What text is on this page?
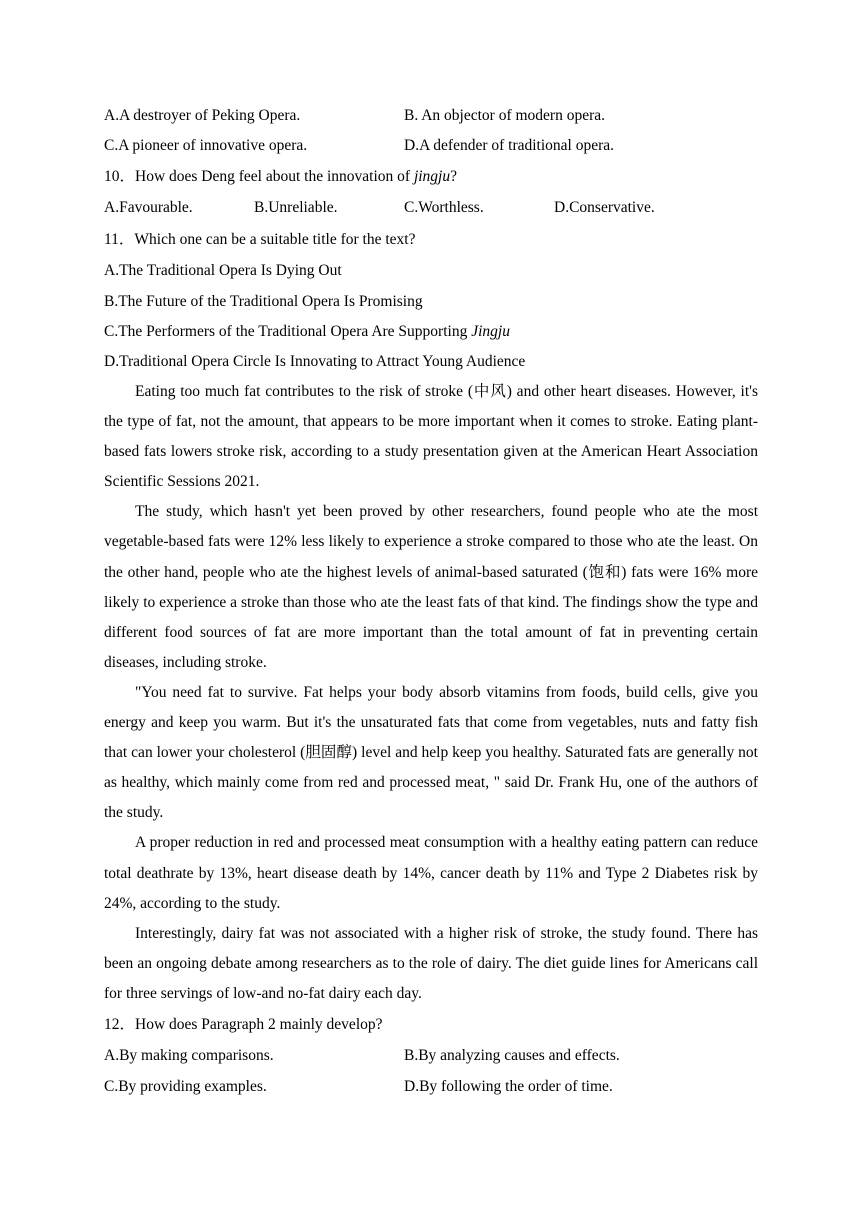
A.A destroyer of Peking Opera.	B. An objector of modern opera.
C.A pioneer of innovative opera.	D.A defender of traditional opera.
10．How does Deng feel about the innovation of jingju?
A.Favourable.	B.Unreliable.	C.Worthless.	D.Conservative.
11．Which one can be a suitable title for the text?
A.The Traditional Opera Is Dying Out
B.The Future of the Traditional Opera Is Promising
C.The Performers of the Traditional Opera Are Supporting Jingju
D.Traditional Opera Circle Is Innovating to Attract Young Audience

Eating too much fat contributes to the risk of stroke (中风) and other heart diseases. However, it's the type of fat, not the amount, that appears to be more important when it comes to stroke. Eating plant-based fats lowers stroke risk, according to a study presentation given at the American Heart Association Scientific Sessions 2021.

The study, which hasn't yet been proved by other researchers, found people who ate the most vegetable-based fats were 12% less likely to experience a stroke compared to those who ate the least. On the other hand, people who ate the highest levels of animal-based saturated (饱和) fats were 16% more likely to experience a stroke than those who ate the least fats of that kind. The findings show the type and different food sources of fat are more important than the total amount of fat in preventing certain diseases, including stroke.

"You need fat to survive. Fat helps your body absorb vitamins from foods, build cells, give you energy and keep you warm. But it's the unsaturated fats that come from vegetables, nuts and fatty fish that can lower your cholesterol (胆固醇) level and help keep you healthy. Saturated fats are generally not as healthy, which mainly come from red and processed meat, " said Dr. Frank Hu, one of the authors of the study.

A proper reduction in red and processed meat consumption with a healthy eating pattern can reduce total deathrate by 13%, heart disease death by 14%, cancer death by 11% and Type 2 Diabetes risk by 24%, according to the study.

Interestingly, dairy fat was not associated with a higher risk of stroke, the study found. There has been an ongoing debate among researchers as to the role of dairy. The diet guide lines for Americans call for three servings of low-and no-fat dairy each day.

12．How does Paragraph 2 mainly develop?
A.By making comparisons.	B.By analyzing causes and effects.
C.By providing examples.	D.By following the order of time.
